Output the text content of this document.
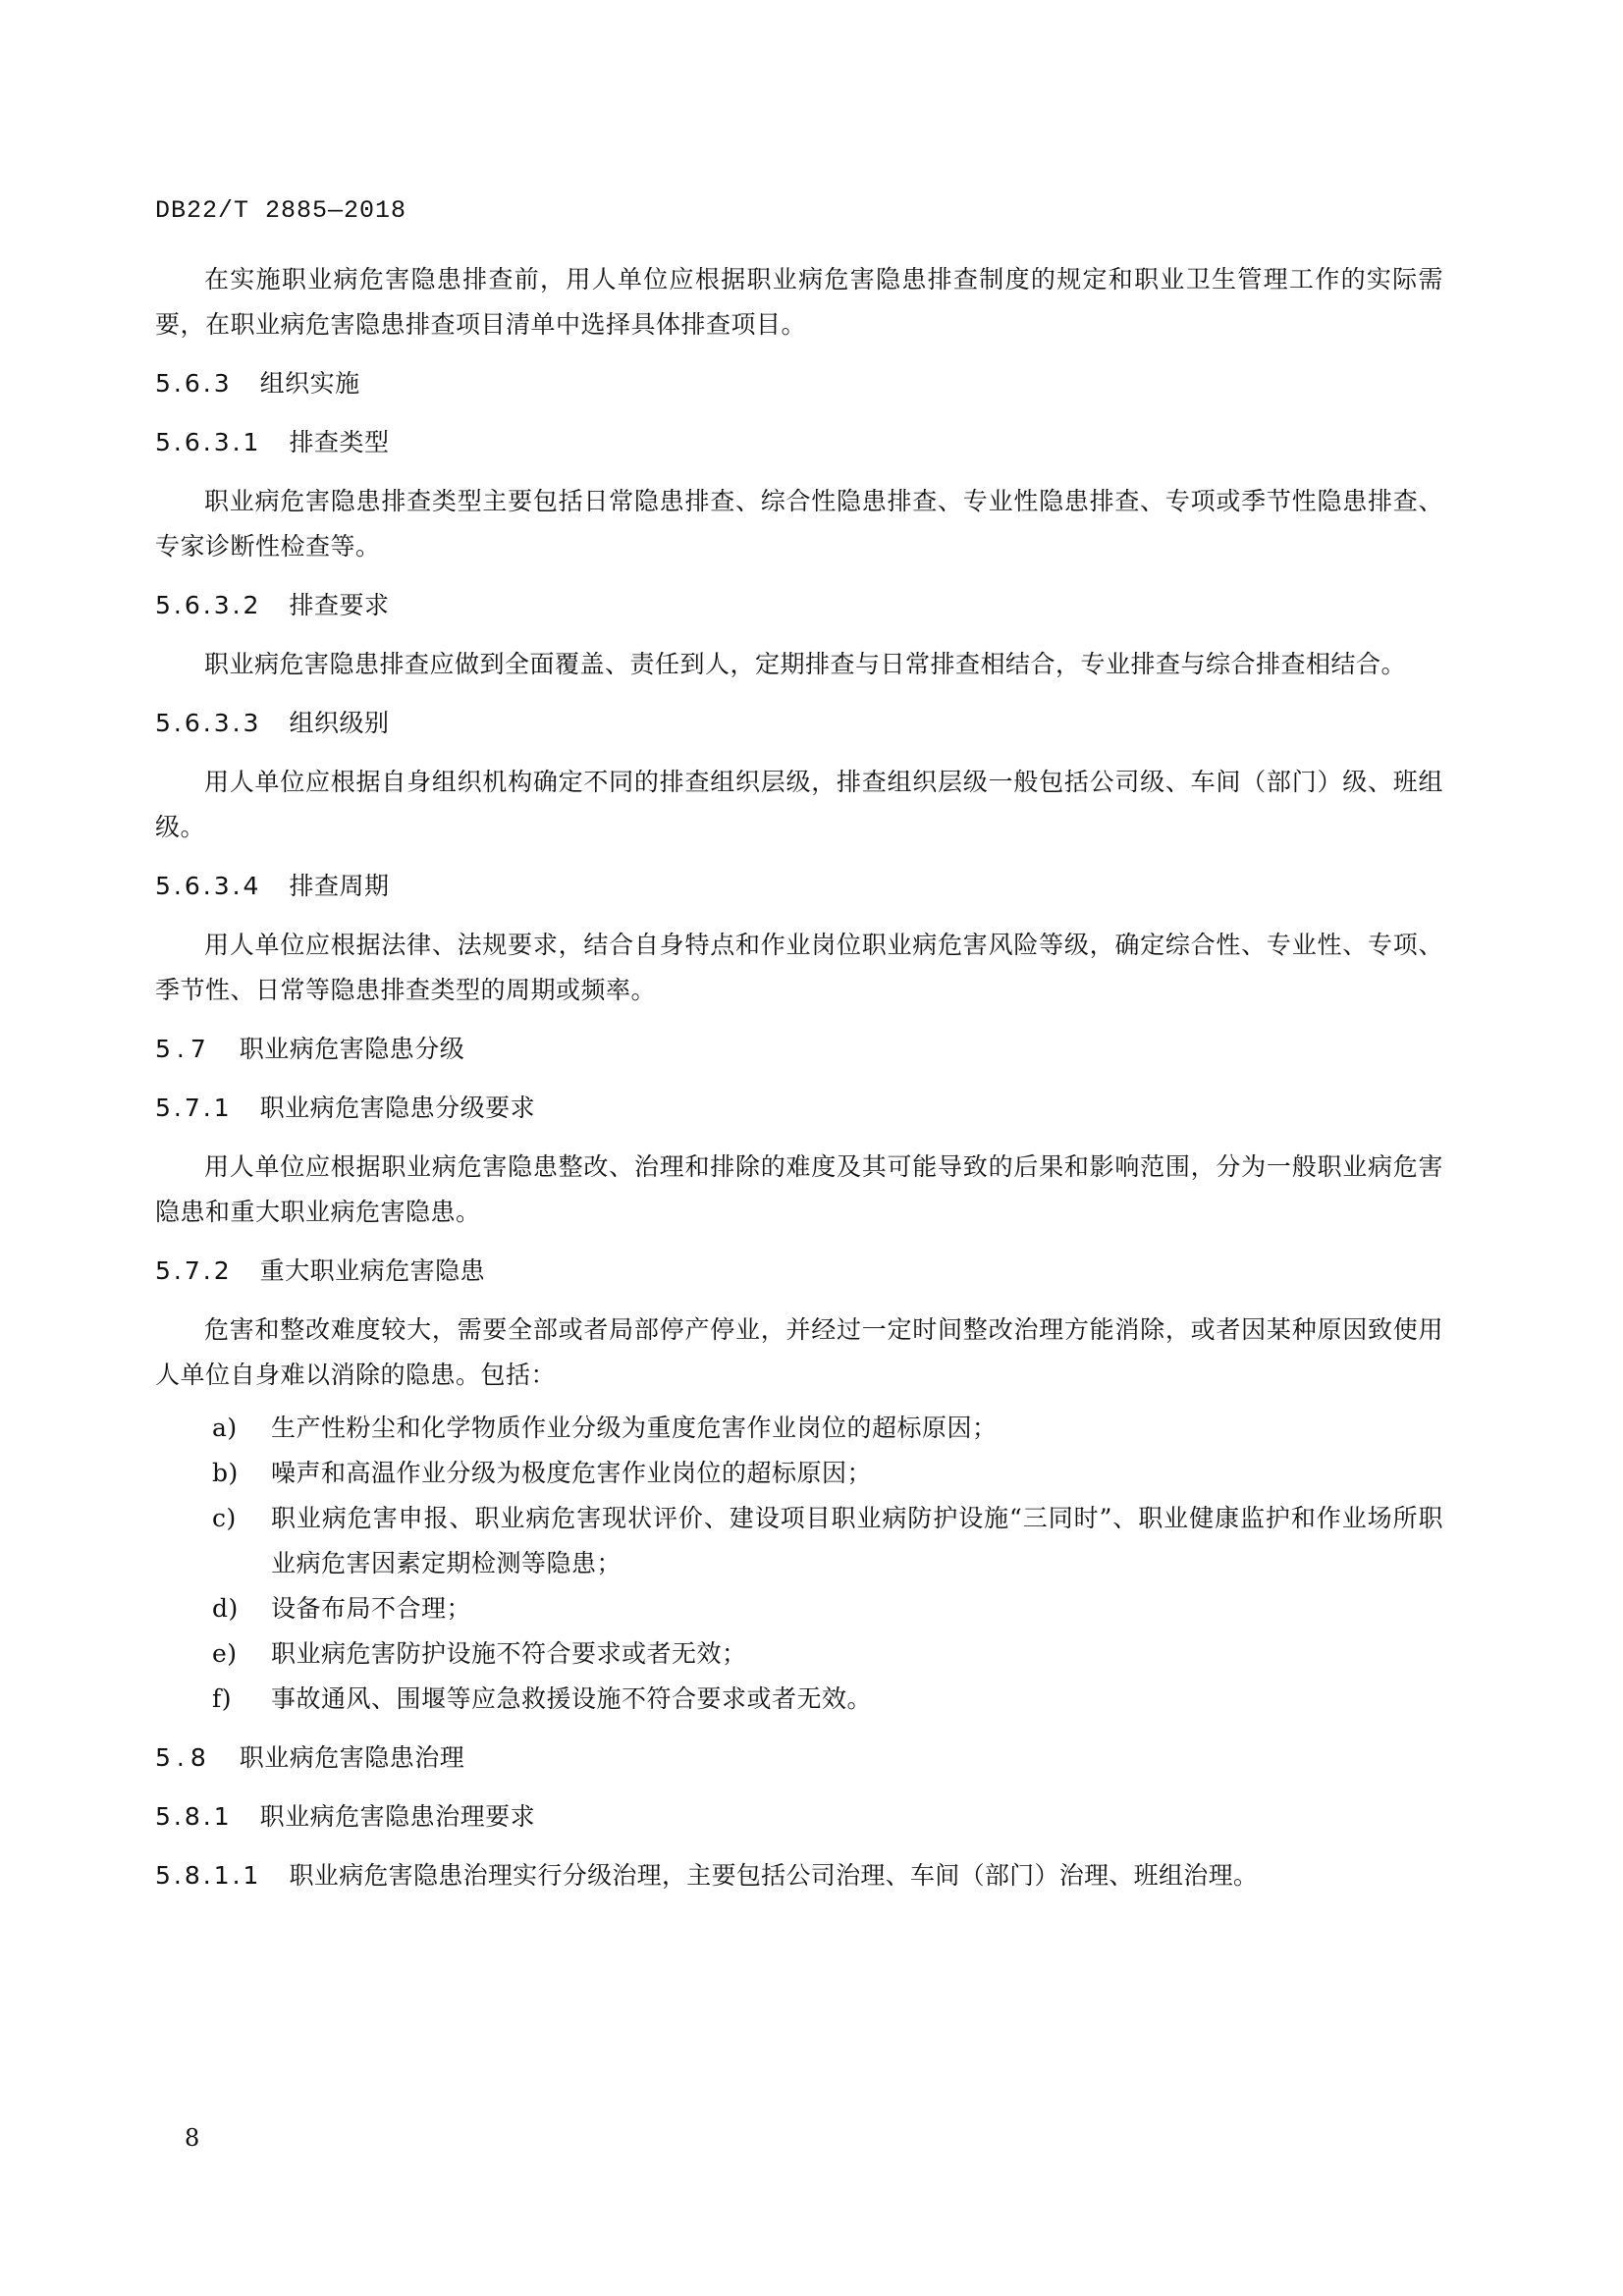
DB22/T 2885—2018

在实施职业病危害隐患排查前，用人单位应根据职业病危害隐患排查制度的规定和职业卫生管理工作的实际需要，在职业病危害隐患排查项目清单中选择具体排查项目。

5.6.3 组织实施
5.6.3.1 排查类型

职业病危害隐患排查类型主要包括日常隐患排查、综合性隐患排查、专业性隐患排查、专项或季节性隐患排查、专家诊断性检查等。

5.6.3.2 排查要求

职业病危害隐患排查应做到全面覆盖、责任到人，定期排查与日常排查相结合，专业排查与综合排查相结合。

5.6.3.3 组织级别

用人单位应根据自身组织机构确定不同的排查组织层级，排查组织层级一般包括公司级、车间（部门）级、班组级。

5.6.3.4 排查周期

用人单位应根据法律、法规要求，结合自身特点和作业岗位职业病危害风险等级，确定综合性、专业性、专项、季节性、日常等隐患排查类型的周期或频率。

5.7 职业病危害隐患分级
5.7.1 职业病危害隐患分级要求

用人单位应根据职业病危害隐患整改、治理和排除的难度及其可能导致的后果和影响范围，分为一般职业病危害隐患和重大职业病危害隐患。

5.7.2 重大职业病危害隐患

危害和整改难度较大，需要全部或者局部停产停业，并经过一定时间整改治理方能消除，或者因某种原因致使用人单位自身难以消除的隐患。包括：

a) 生产性粉尘和化学物质作业分级为重度危害作业岗位的超标原因；
b) 噪声和高温作业分级为极度危害作业岗位的超标原因；
c) 职业病危害申报、职业病危害现状评价、建设项目职业病防护设施“三同时”、职业健康监护和作业场所职业病危害因素定期检测等隐患；
d) 设备布局不合理；
e) 职业病危害防护设施不符合要求或者无效；
f) 事故通风、围堰等应急救援设施不符合要求或者无效。
5.8 职业病危害隐患治理
5.8.1 职业病危害隐患治理要求
5.8.1.1 职业病危害隐患治理实行分级治理，主要包括公司治理、车间（部门）治理、班组治理。
8
